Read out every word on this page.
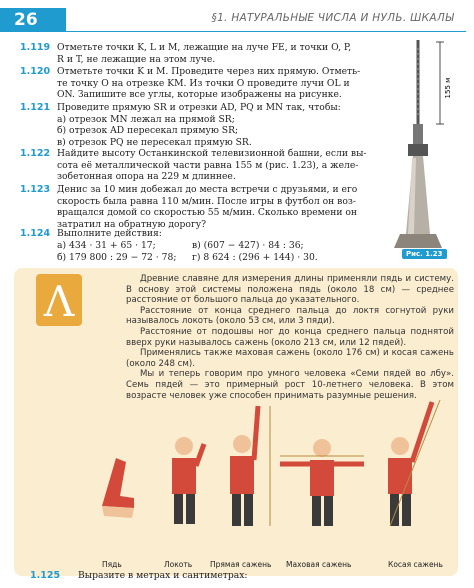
26	§1. НАТУРАЛЬНЫЕ ЧИСЛА И НУЛЬ. ШКАЛЫ
1.119 Отметьте точки K, L и M, лежащие на луче FE, и точки O, P,
R и T, не лежащие на этом луче.
1.120 Отметьте точки K и M. Проведите через них прямую. Отметь-
те точку O на отрезке KM. Из точки O проведите лучи OL и
ON. Запишите все углы, которые изображены на рисунке.
1.121 Проведите прямую SR и отрезки AD, PQ и MN так, чтобы:
а) отрезок MN лежал на прямой SR;
б) отрезок AD пересекал прямую SR;
в) отрезок PQ не пересекал прямую SR.
1.122 Найдите высоту Останкинской телевизионной башни, если вы-
сота её металлической части равна 155 м (рис. 1.23), а желе-
зобетонная опора на 229 м длиннее.
1.123 Денис за 10 мин добежал до места встречи с друзьями, и его
скорость была равна 110 м/мин. После игры в футбол он воз-
вращался домой со скоростью 55 м/мин. Сколько времени он
затратил на обратную дорогу?
1.124 Выполните действия:
а) 434 · 31 + 65 · 17;	в) (607 − 427) · 84 : 36;
б) 179 800 : 29 − 72 · 78;	г) 8 624 : (296 + 144) · 30.
155 м
Рис. 1.23
Λ	Древние славяне для измерения длины применяли пядь и систему. В основу этой системы положена пядь (около 18 см) — среднее расстояние от большого пальца до указательного.

Расстояние от конца среднего пальца до локтя согнутой руки называлось локоть (около 53 см, или 3 пяди).

Расстояние от подошвы ног до конца среднего пальца поднятой вверх руки называлось сажень (около 213 см, или 12 пядей).

Применялись также маховая сажень (около 176 см) и косая сажень (около 248 см).

Мы и теперь говорим про умного человека «Семи пядей во лбу». Семь пядей — это примерный рост 10-летнего человека. В этом возрасте человек уже способен принимать разумные решения.

Пядь	Локоть Прямая сажень Маховая сажень	Косая сажень
1.125 Выразите в метрах и сантиметрах:
